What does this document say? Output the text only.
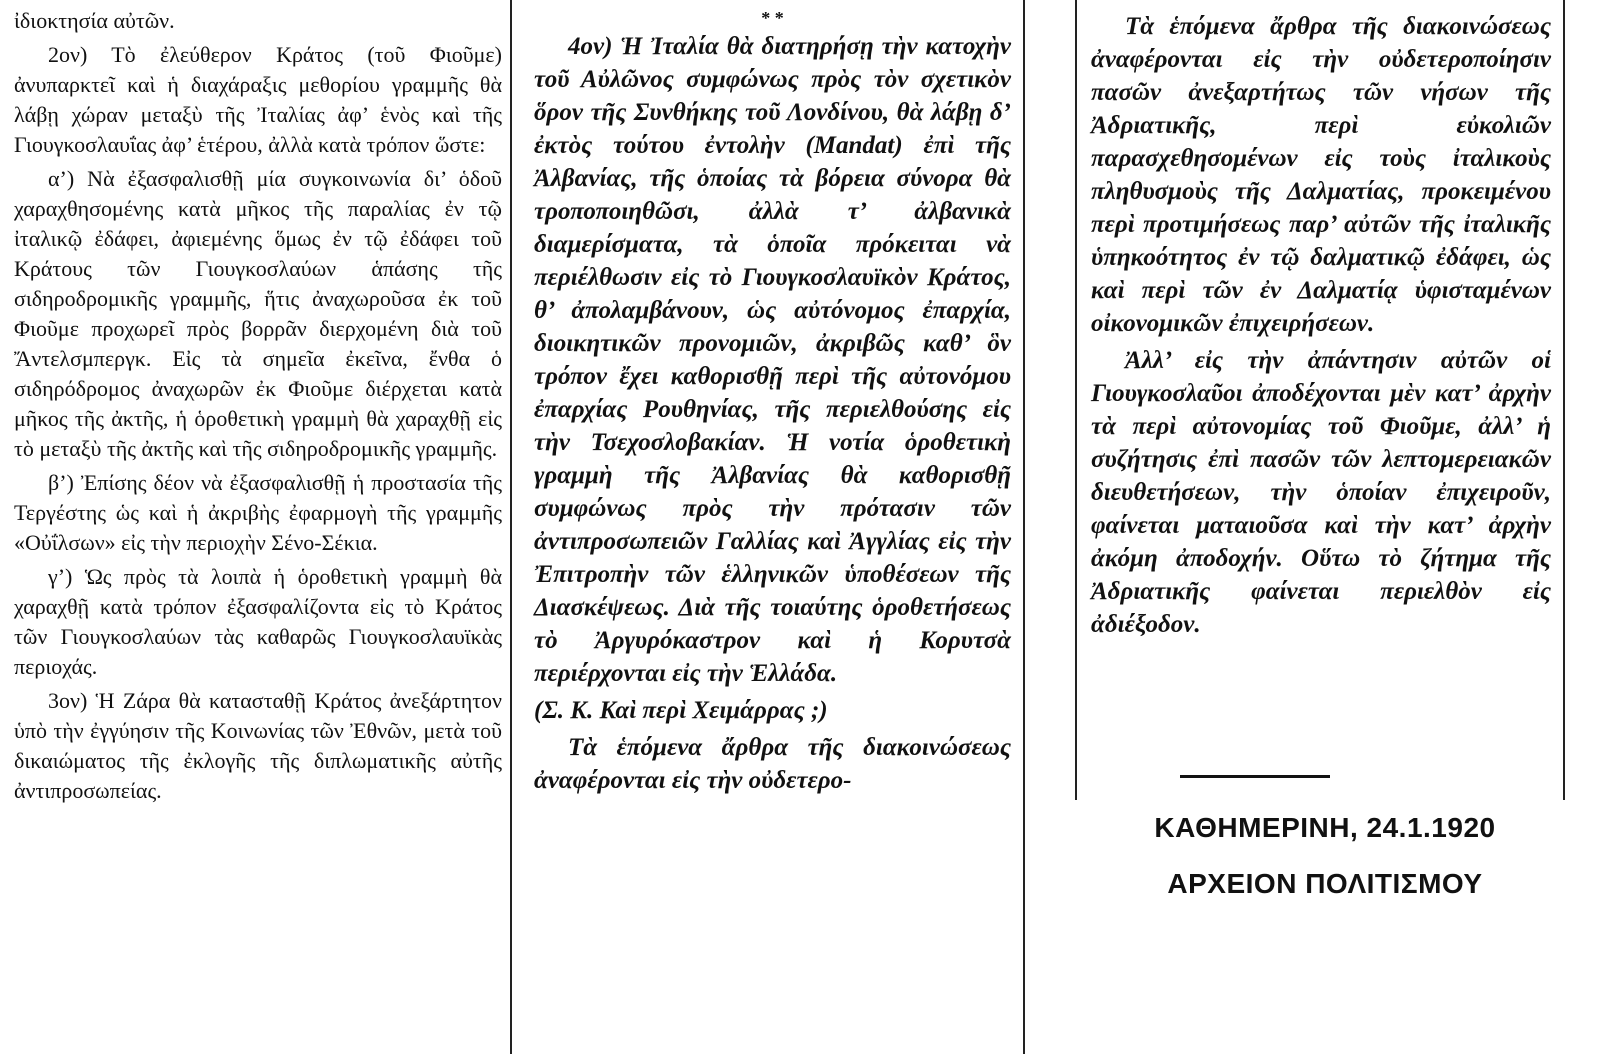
ἰδιοκτησία αὐτῶν.

2ον) Τὸ ἐλεύθερον Κράτος (τοῦ Φιοῦμε) ἀνυπαρκτεῖ καὶ ἡ διαχάραξις μεθορίου γραμμῆς θὰ λάβῃ χώραν μεταξὺ τῆς Ἰταλίας ἀφ’ ἑνὸς καὶ τῆς Γιουγκοσλαυΐας ἀφ’ ἑτέρου, ἀλλὰ κατὰ τρόπον ὥστε:

α’) Νὰ ἐξασφαλισθῇ μία συγκοινωνία δι’ ὁδοῦ χαραχθησομένης κατὰ μῆκος τῆς παραλίας ἐν τῷ ἰταλικῷ ἐδάφει, ἀφιεμένης ὅμως ἐν τῷ ἐδάφει τοῦ Κράτους τῶν Γιουγκοσλαύων ἁπάσης τῆς σιδηροδρομικῆς γραμμῆς, ἥτις ἀναχωροῦσα ἐκ τοῦ Φιοῦμε προχωρεῖ πρὸς βορρᾶν διερχομένη διὰ τοῦ Ἄντελσμπεργκ. Εἰς τὰ σημεῖα ἐκεῖνα, ἔνθα ὁ σιδηρόδρομος ἀναχωρῶν ἐκ Φιοῦμε διέρχεται κατὰ μῆκος τῆς ἀκτῆς, ἡ ὁροθετικὴ γραμμὴ θὰ χαραχθῇ εἰς τὸ μεταξὺ τῆς ἀκτῆς καὶ τῆς σιδηροδρομικῆς γραμμῆς.

β’) Ἐπίσης δέον νὰ ἐξασφαλισθῇ ἡ προστασία τῆς Τεργέστης ὡς καὶ ἡ ἀκριβὴς ἐφαρμογὴ τῆς γραμμῆς «Οὐΐλσων» εἰς τὴν περιοχὴν Σένο-Σέκια.

γ’) Ὡς πρὸς τὰ λοιπὰ ἡ ὁροθετικὴ γραμμὴ θὰ χαραχθῇ κατὰ τρόπον ἐξασφαλίζοντα εἰς τὸ Κράτος τῶν Γιουγκοσλαύων τὰς καθαρῶς Γιουγκοσλαυϊκὰς περιοχάς.

3ον) Ἡ Ζάρα θὰ κατασταθῇ Κράτος ἀνεξάρτητον ὑπὸ τὴν ἐγγύησιν τῆς Κοινωνίας τῶν Ἐθνῶν, μετὰ τοῦ δικαιώματος τῆς ἐκλογῆς τῆς διπλωματικῆς αὐτῆς ἀντιπροσωπείας.

* *

4ον) Ἡ Ἰταλία θὰ διατηρήσῃ τὴν κατοχὴν τοῦ Αὐλῶνος συμφώνως πρὸς τὸν σχετικὸν ὅρον τῆς Συνθήκης τοῦ Λονδίνου, θὰ λάβῃ δ’ ἐκτὸς τούτου ἐντολὴν (Mandat) ἐπὶ τῆς Ἀλβανίας, τῆς ὁποίας τὰ βόρεια σύνορα θὰ τροποποιηθῶσι, ἀλλὰ τ’ ἀλβανικὰ διαμερίσματα, τὰ ὁποῖα πρόκειται νὰ περιέλθωσιν εἰς τὸ Γιουγκοσλαυϊκὸν Κράτος, θ’ ἀπολαμβάνουν, ὡς αὐτόνομος ἐπαρχία, διοικητικῶν προνομιῶν, ἀκριβῶς καθ’ ὃν τρόπον ἔχει καθορισθῇ περὶ τῆς αὐτονόμου ἐπαρχίας Ρουθηνίας, τῆς περιελθούσης εἰς τὴν Τσεχοσλοβακίαν. Ἡ νοτία ὁροθετικὴ γραμμὴ τῆς Ἀλβανίας θὰ καθορισθῇ συμφώνως πρὸς τὴν πρότασιν τῶν ἀντιπροσωπειῶν Γαλλίας καὶ Ἀγγλίας εἰς τὴν Ἐπιτροπὴν τῶν ἑλληνικῶν ὑποθέσεων τῆς Διασκέψεως. Διὰ τῆς τοιαύτης ὁροθετήσεως τὸ Ἀργυρόκαστρον καὶ ἡ Κορυτσὰ περιέρχονται εἰς τὴν Ἑλλάδα.

(Σ. Κ. Καὶ περὶ Χειμάρρας ;)

Τὰ ἑπόμενα ἄρθρα τῆς διακοινώσεως ἀναφέρονται εἰς τὴν οὐδετερο-

Τὰ ἑπόμενα ἄρθρα τῆς διακοινώσεως ἀναφέρονται εἰς τὴν οὐδετεροποίησιν πασῶν ἀνεξαρτήτως τῶν νήσων τῆς Ἀδριατικῆς, περὶ εὐκολιῶν παρασχεθησομένων εἰς τοὺς ἰταλικοὺς πληθυσμοὺς τῆς Δαλματίας, προκειμένου περὶ προτιμήσεως παρ’ αὐτῶν τῆς ἰταλικῆς ὑπηκοότητος ἐν τῷ δαλματικῷ ἐδάφει, ὡς καὶ περὶ τῶν ἐν Δαλματίᾳ ὑφισταμένων οἰκονομικῶν ἐπιχειρήσεων.

Ἀλλ’ εἰς τὴν ἀπάντησιν αὐτῶν οἱ Γιουγκοσλαῦοι ἀποδέχονται μὲν κατ’ ἀρχὴν τὰ περὶ αὐτονομίας τοῦ Φιοῦμε, ἀλλ’ ἡ συζήτησις ἐπὶ πασῶν τῶν λεπτομερειακῶν διευθετήσεων, τὴν ὁποίαν ἐπιχειροῦν, φαίνεται ματαιοῦσα καὶ τὴν κατ’ ἀρχὴν ἀκόμη ἀποδοχήν. Οὕτω τὸ ζήτημα τῆς Ἀδριατικῆς φαίνεται περιελθὸν εἰς ἀδιέξοδον.

ΚΑΘΗΜΕΡΙΝΗ, 24.1.1920
ΑΡΧΕΙΟΝ ΠΟΛΙΤΙΣΜΟΥ
